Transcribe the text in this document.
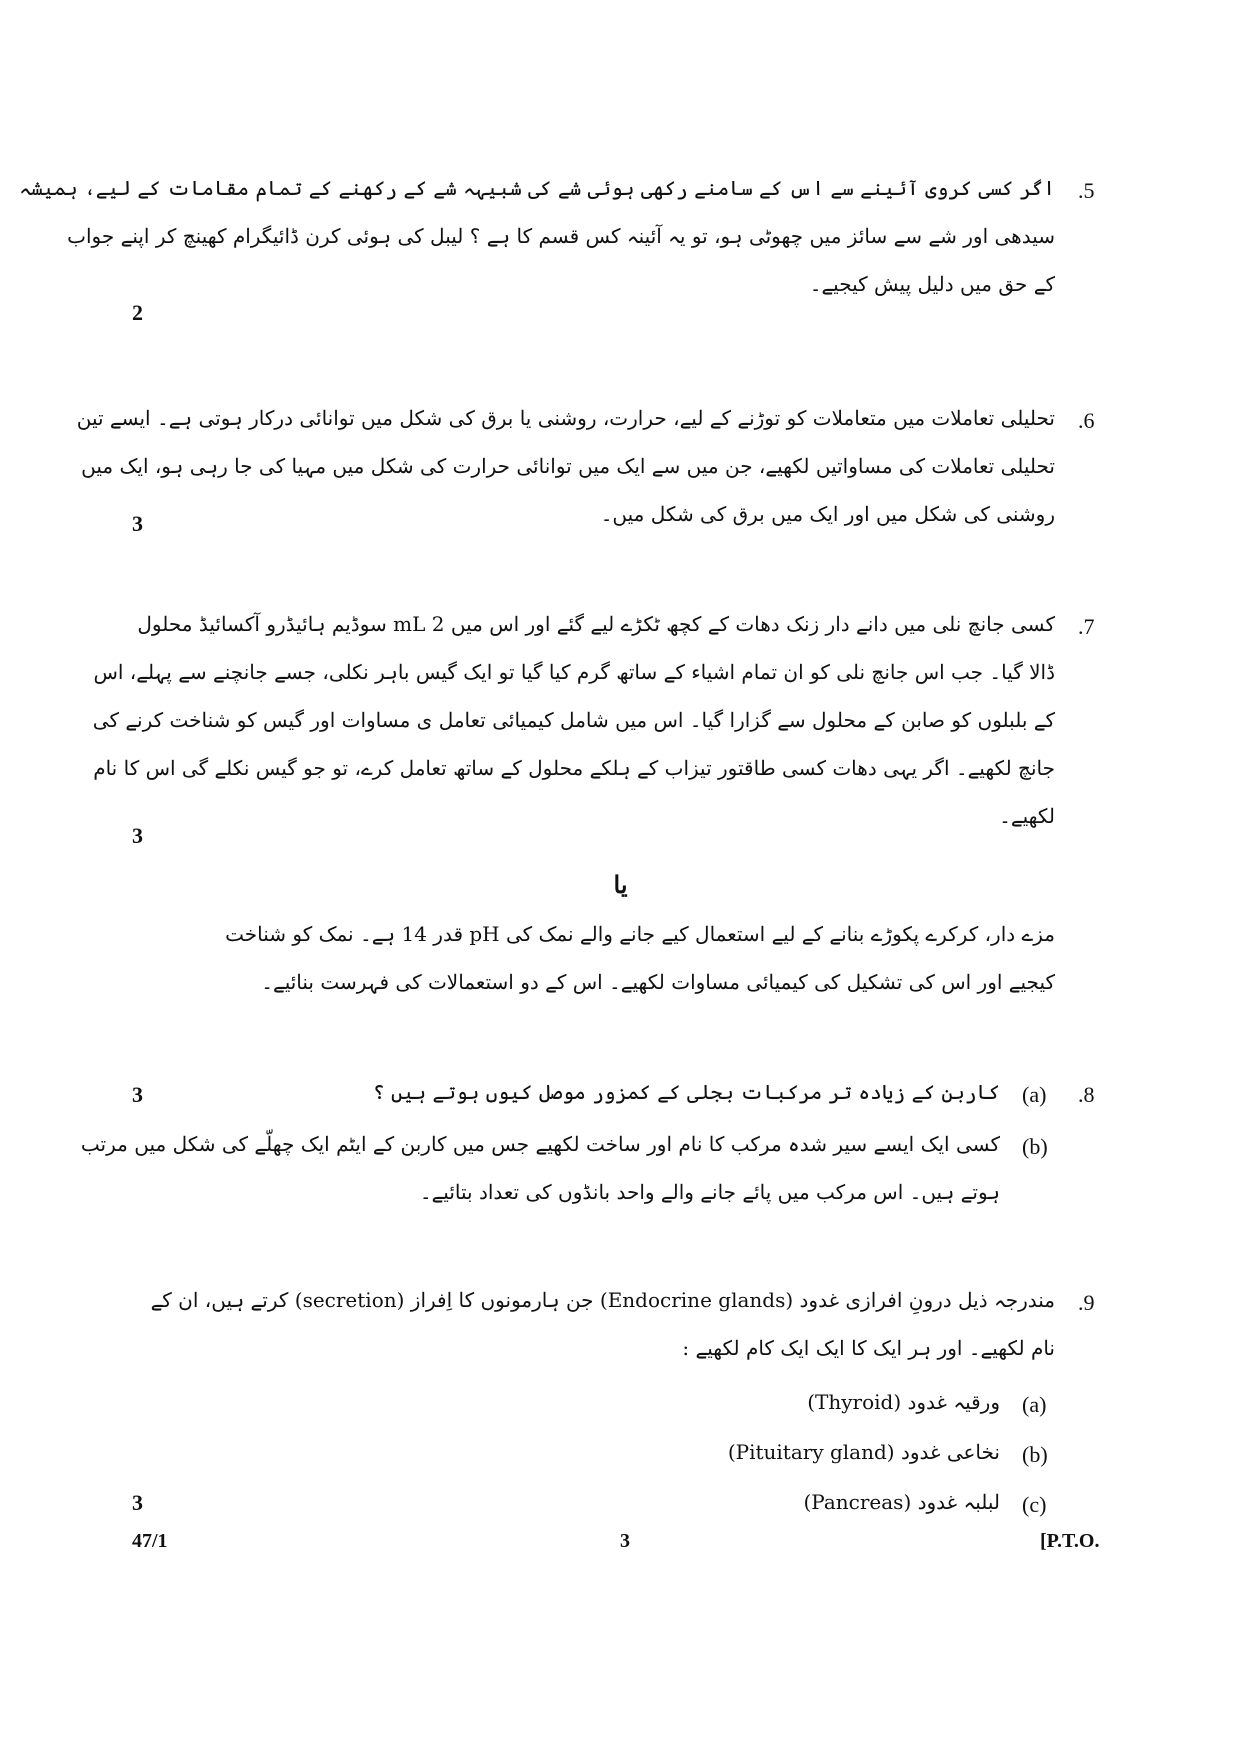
.5
اگر کسی کروی آئینے سے اس کے سامنے رکھی ہوئی شے کی شبیہہ شے کے رکھنے کے تمام مقامات کے لیے، ہمیشہ
سیدھی اور شے سے سائز میں چھوٹی ہو، تو یہ آئینہ کس قسم کا ہے ؟ لیبل کی ہوئی کرن ڈائیگرام کھینچ کر اپنے جواب
کے حق میں دلیل پیش کیجیے۔
2
.6
تحلیلی تعاملات میں متعاملات کو توڑنے کے لیے، حرارت، روشنی یا برق کی شکل میں توانائی درکار ہوتی ہے۔ ایسے تین
تحلیلی تعاملات کی مساواتیں لکھیے، جن میں سے ایک میں توانائی حرارت کی شکل میں مہیا کی جا رہی ہو، ایک میں
روشنی کی شکل میں اور ایک میں برق کی شکل میں۔
3
.7
کسی جانچ نلی میں دانے دار زنک دھات کے کچھ ٹکڑے لیے گئے اور اس میں 2 mL سوڈیم ہائیڈرو آکسائیڈ محلول
ڈالا گیا۔ جب اس جانچ نلی کو ان تمام اشیاء کے ساتھ گرم کیا گیا تو ایک گیس باہر نکلی، جسے جانچنے سے پہلے، اس
کے بلبلوں کو صابن کے محلول سے گزارا گیا۔ اس میں شامل کیمیائی تعامل ی مساوات اور گیس کو شناخت کرنے کی
جانچ لکھیے۔ اگر یہی دھات کسی طاقتور تیزاب کے ہلکے محلول کے ساتھ تعامل کرے، تو جو گیس نکلے گی اس کا نام
لکھیے۔
3
یا
مزے دار، کرکرے پکوڑے بنانے کے لیے استعمال کیے جانے والے نمک کی pH قدر 14 ہے۔ نمک کو شناخت
کیجیے اور اس کی تشکیل کی کیمیائی مساوات لکھیے۔ اس کے دو استعمالات کی فہرست بنائیے۔
.8
(a)
کاربن کے زیادہ تر مرکبات بجلی کے کمزور موصل کیوں ہوتے ہیں ؟
3
(b)
کسی ایک ایسے سیر شدہ مرکب کا نام اور ساخت لکھیے جس میں کاربن کے ایٹم ایک چھلّے کی شکل میں مرتب
ہوتے ہیں۔ اس مرکب میں پائے جانے والے واحد بانڈوں کی تعداد بتائیے۔
.9
مندرجہ ذیل درونِ افرازی غدود (Endocrine glands) جن ہارمونوں کا اِفراز (secretion) کرتے ہیں، ان کے
نام لکھیے۔ اور ہر ایک کا ایک ایک کام لکھیے :
(a)
ورقیہ غدود (Thyroid)
(b)
نخاعی غدود (Pituitary gland)
(c)
لبلبہ غدود (Pancreas)
3
47/1	3	[P.T.O.
